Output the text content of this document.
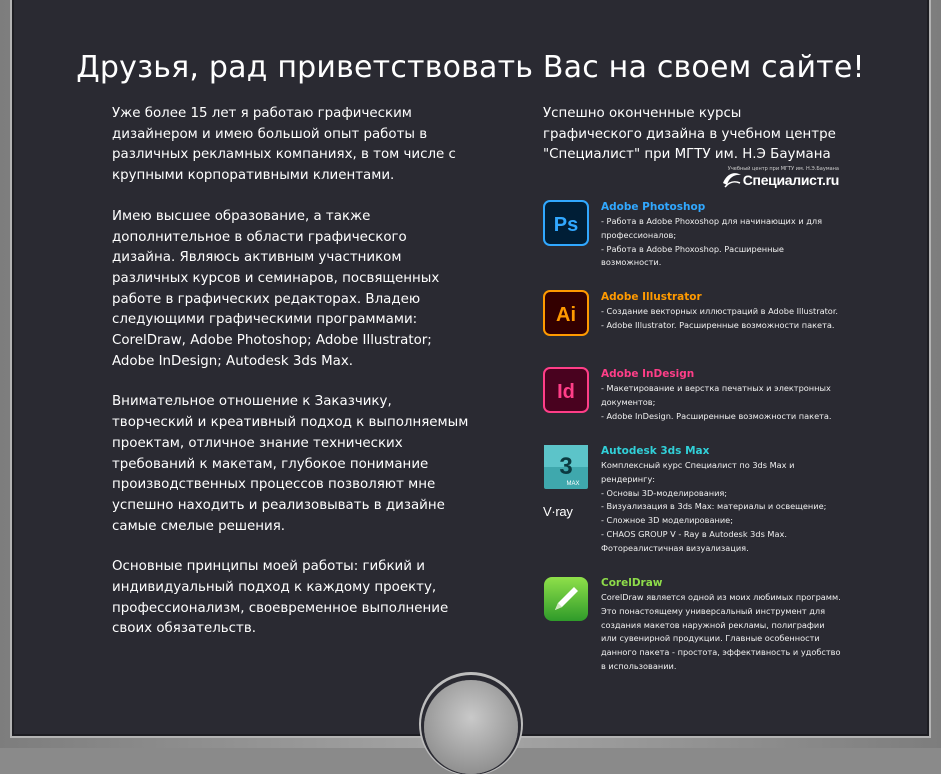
Друзья, рад приветствовать Вас на своем сайте!

Уже более 15 лет я работаю графическим дизайнером и имею большой опыт работы в различных рекламных компаниях, в том числе с крупными корпоративными клиентами.

Имею высшее образование, а также дополнительное в области графического дизайна. Являюсь активным участником различных курсов и семинаров, посвященных работе в графических редакторах. Владею следующими графическими программами: CorelDraw, Adobe Photoshop; Adobe Illustrator; Adobe InDesign; Autodesk 3ds Max.

Внимательное отношение к Заказчику, творческий и креативный подход к выполняемым проектам, отличное знание технических требований к макетам, глубокое понимание производственных процессов позволяют мне успешно находить и реализовывать в дизайне самые смелые решения.

Основные принципы моей работы: гибкий и индивидуальный подход к каждому проекту, профессионализм, своевременное выполнение своих обязательств.

Успешно оконченные курсы графического дизайна в учебном центре "Специалист" при МГТУ им. Н.Э Баумана

Учебный центр при МГТУ им. Н.Э.Баумана
Специалист.ru
Ps
Adobe Photoshop
- Работа в Adobe Phoxoshop для начинающих и для профессионалов;
- Работа в Adobe Phoxoshop. Расширенные возможности.
Ai
Adobe Illustrator
- Создание векторных иллюстраций в Adobe Illustrator.
- Adobe Illustrator. Расширенные возможности пакета.
Id
Adobe InDesign
- Макетирование и верстка печатных и электронных документов;
- Adobe InDesign. Расширенные возможности пакета.
3
MAX
V·ray
Autodesk 3ds Max
Комплексный курс Специалист по 3ds Max и рендерингу:
- Основы 3D-моделирования;
- Визуализация в 3ds Max: материалы и освещение;
- Сложное 3D моделирование;
- CHAOS GROUP V - Ray в Autodesk 3ds Max. Фотореалистичная визуализация.
CorelDraw
CorelDraw является одной из моих любимых программ. Это понастоящему универсальный инструмент для создания макетов наружной рекламы, полиграфии или сувенирной продукции. Главные особенности данного пакета - простота, эффективность и удобство в использовании.
